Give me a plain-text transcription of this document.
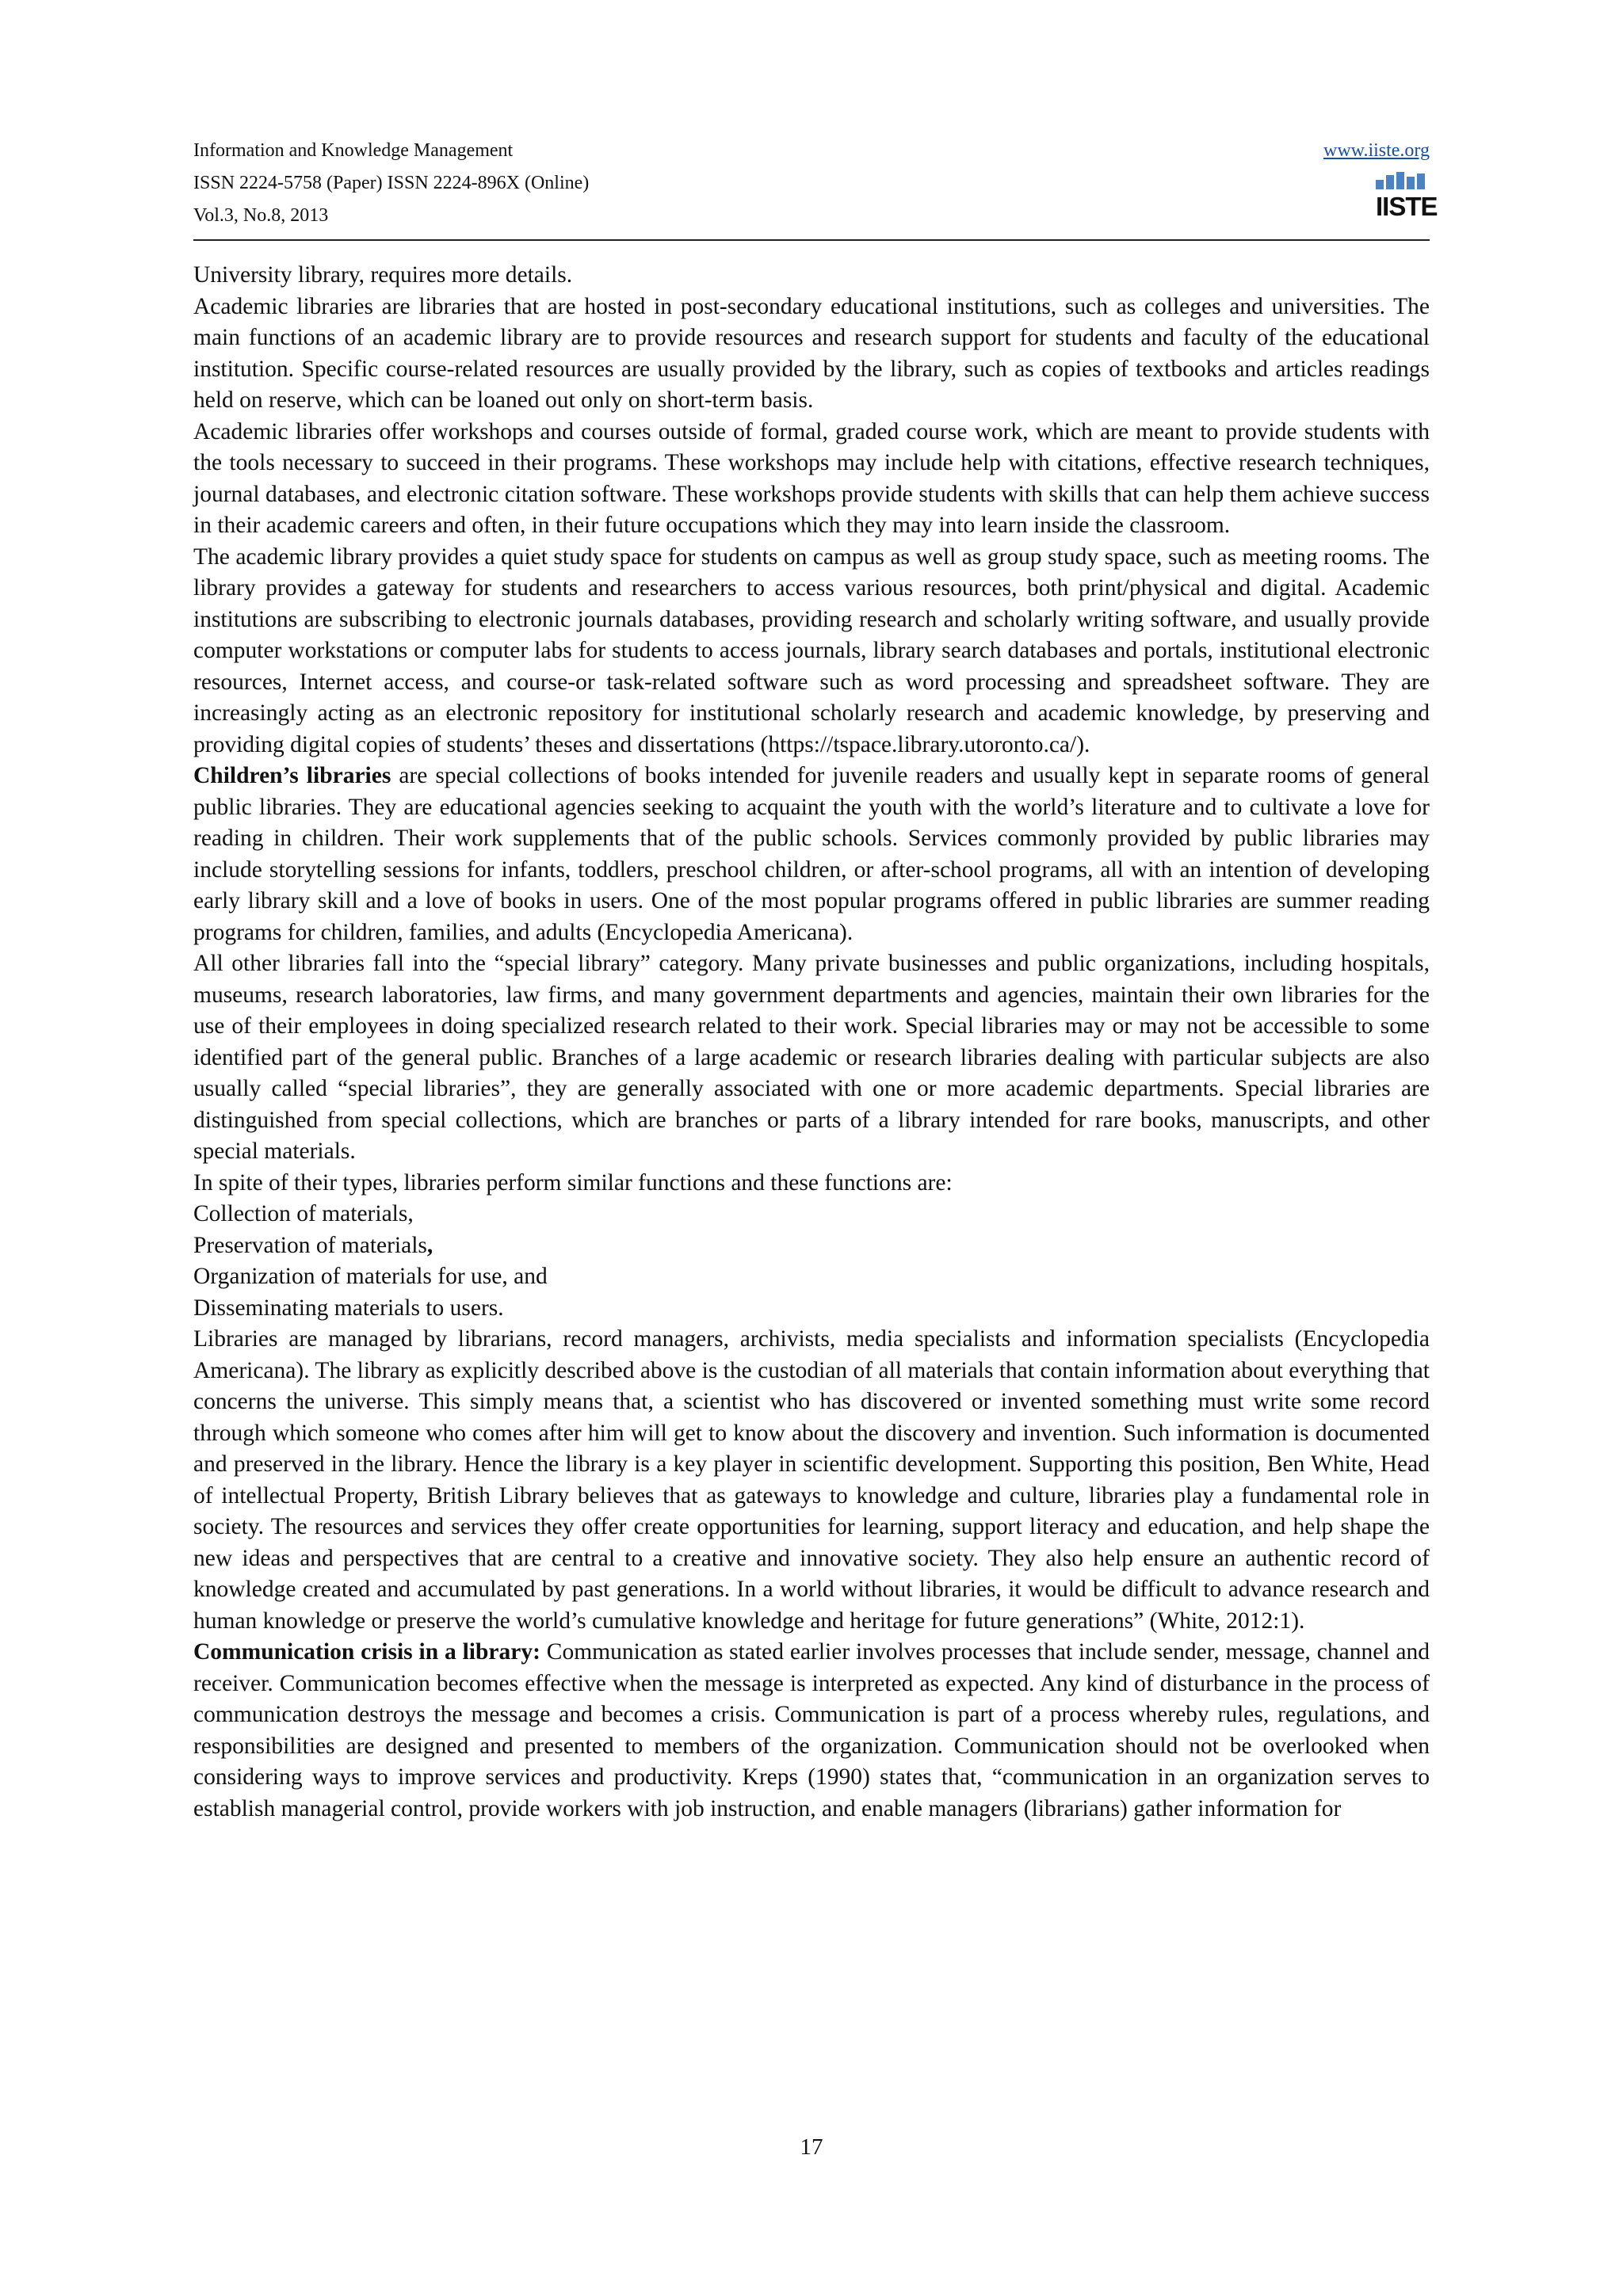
Information and Knowledge Management
ISSN 2224-5758 (Paper) ISSN 2224-896X (Online)
Vol.3, No.8, 2013
www.iiste.org
IISTE

University library, requires more details.

Academic libraries are libraries that are hosted in post-secondary educational institutions, such as colleges and universities. The main functions of an academic library are to provide resources and research support for students and faculty of the educational institution. Specific course-related resources are usually provided by the library, such as copies of textbooks and articles readings held on reserve, which can be loaned out only on short-term basis.

Academic libraries offer workshops and courses outside of formal, graded course work, which are meant to provide students with the tools necessary to succeed in their programs. These workshops may include help with citations, effective research techniques, journal databases, and electronic citation software. These workshops provide students with skills that can help them achieve success in their academic careers and often, in their future occupations which they may into learn inside the classroom.

The academic library provides a quiet study space for students on campus as well as group study space, such as meeting rooms. The library provides a gateway for students and researchers to access various resources, both print/physical and digital. Academic institutions are subscribing to electronic journals databases, providing research and scholarly writing software, and usually provide computer workstations or computer labs for students to access journals, library search databases and portals, institutional electronic resources, Internet access, and course-or task-related software such as word processing and spreadsheet software. They are increasingly acting as an electronic repository for institutional scholarly research and academic knowledge, by preserving and providing digital copies of students’ theses and dissertations (https://tspace.library.utoronto.ca/).

Children’s libraries are special collections of books intended for juvenile readers and usually kept in separate rooms of general public libraries. They are educational agencies seeking to acquaint the youth with the world’s literature and to cultivate a love for reading in children. Their work supplements that of the public schools. Services commonly provided by public libraries may include storytelling sessions for infants, toddlers, preschool children, or after-school programs, all with an intention of developing early library skill and a love of books in users. One of the most popular programs offered in public libraries are summer reading programs for children, families, and adults (Encyclopedia Americana).

All other libraries fall into the “special library” category. Many private businesses and public organizations, including hospitals, museums, research laboratories, law firms, and many government departments and agencies, maintain their own libraries for the use of their employees in doing specialized research related to their work. Special libraries may or may not be accessible to some identified part of the general public. Branches of a large academic or research libraries dealing with particular subjects are also usually called “special libraries”, they are generally associated with one or more academic departments. Special libraries are distinguished from special collections, which are branches or parts of a library intended for rare books, manuscripts, and other special materials.

In spite of their types, libraries perform similar functions and these functions are:

Collection of materials,
Preservation of materials,
Organization of materials for use, and
Disseminating materials to users.

Libraries are managed by librarians, record managers, archivists, media specialists and information specialists (Encyclopedia Americana). The library as explicitly described above is the custodian of all materials that contain information about everything that concerns the universe. This simply means that, a scientist who has discovered or invented something must write some record through which someone who comes after him will get to know about the discovery and invention. Such information is documented and preserved in the library. Hence the library is a key player in scientific development. Supporting this position, Ben White, Head of intellectual Property, British Library believes that as gateways to knowledge and culture, libraries play a fundamental role in society. The resources and services they offer create opportunities for learning, support literacy and education, and help shape the new ideas and perspectives that are central to a creative and innovative society. They also help ensure an authentic record of knowledge created and accumulated by past generations. In a world without libraries, it would be difficult to advance research and human knowledge or preserve the world’s cumulative knowledge and heritage for future generations” (White, 2012:1).

Communication crisis in a library: Communication as stated earlier involves processes that include sender, message, channel and receiver. Communication becomes effective when the message is interpreted as expected. Any kind of disturbance in the process of communication destroys the message and becomes a crisis. Communication is part of a process whereby rules, regulations, and responsibilities are designed and presented to members of the organization. Communication should not be overlooked when considering ways to improve services and productivity. Kreps (1990) states that, “communication in an organization serves to establish managerial control, provide workers with job instruction, and enable managers (librarians) gather information for

17
